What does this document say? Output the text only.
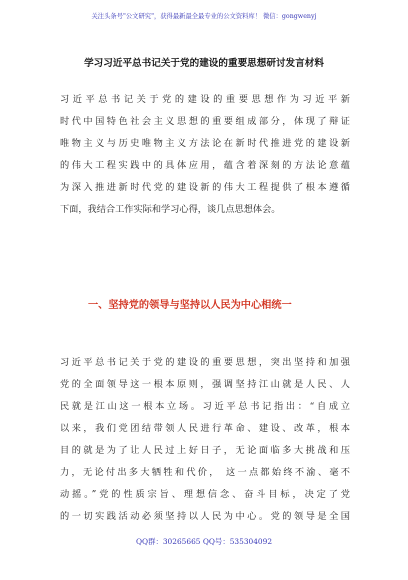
关注头条号"公文研究"，获得最新最全最专业的公文资料库！ 微信：gongwenyj
学习习近平总书记关于党的建设的重要思想研讨发言材料
习近平总书记关于党的建设的重要思想作为习近平新
时代中国特色社会主义思想的重要组成部分，体现了辩证
唯物主义与历史唯物主义方法论在新时代推进党的建设新
的伟大工程实践中的具体应用，蕴含着深刻的方法论意蕴
为深入推进新时代党的建设新的伟大工程提供了根本遵循
下面，我结合工作实际和学习心得，谈几点思想体会。
一、坚持党的领导与坚持以人民为中心相统一
习近平总书记关于党的建设的重要思想，突出坚持和加强
党的全面领导这一根本原则，强调坚持江山就是人民、人
民就是江山这一根本立场。习近平总书记指出：“自成立
以来，我们党团结带领人民进行革命、建设、改革，根本
目的就是为了让人民过上好日子，无论面临多大挑战和压
力，无论付出多大牺牲和代价， 这一点都始终不渝、毫不
动摇。”党的性质宗旨、理想信念、奋斗目标，决定了党
的一切实践活动必须坚持以人民为中心。党的领导是全国
QQ群：30265665 QQ号：535304092
